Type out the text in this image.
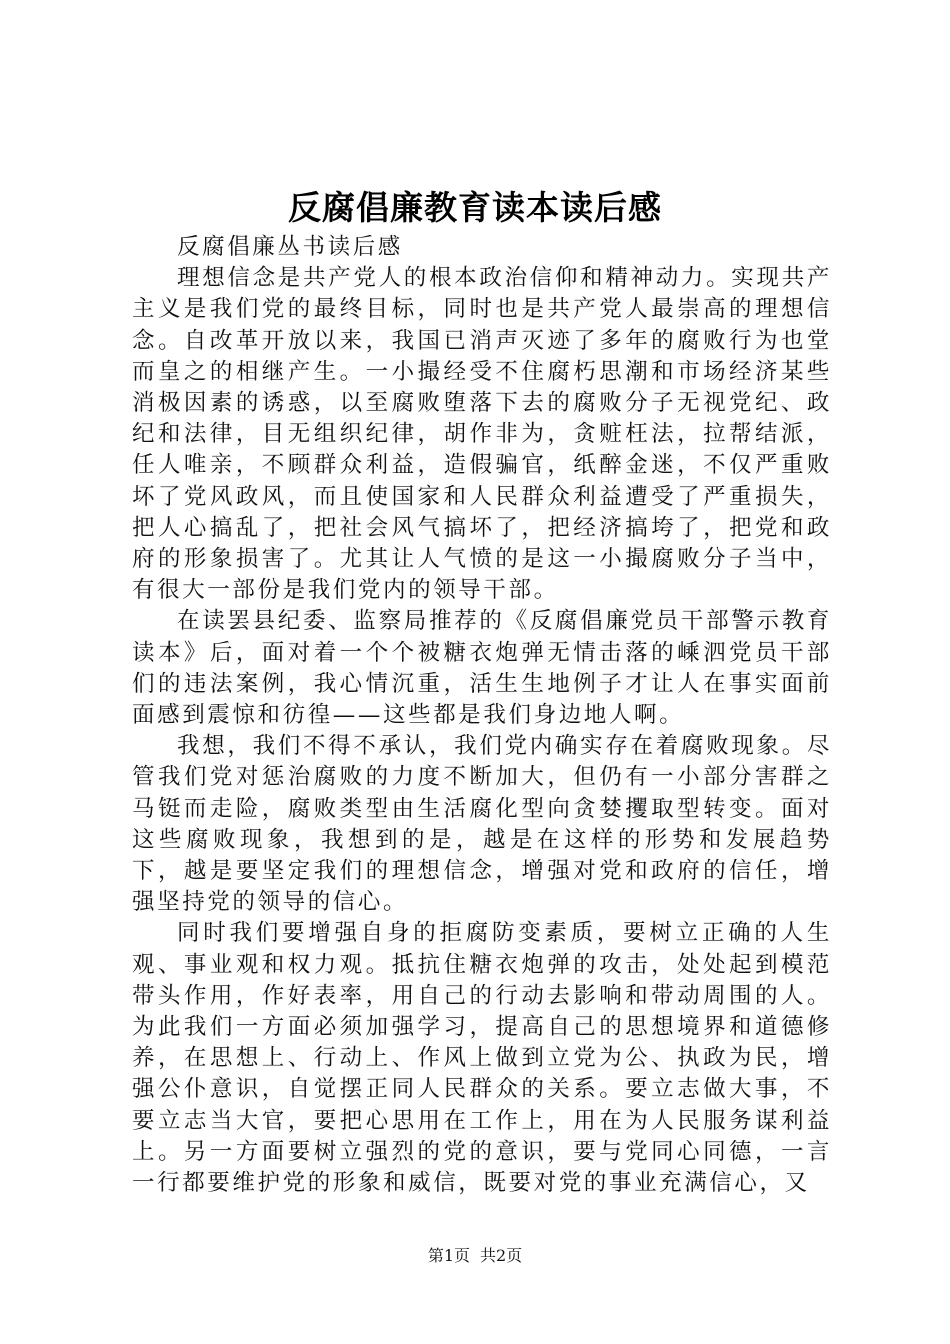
反腐倡廉教育读本读后感

反腐倡廉丛书读后感

理想信念是共产党人的根本政治信仰和精神动力。实现共产主义是我们党的最终目标，同时也是共产党人最崇高的理想信念。自改革开放以来，我国已消声灭迹了多年的腐败行为也堂而皇之的相继产生。一小撮经受不住腐朽思潮和市场经济某些消极因素的诱惑，以至腐败堕落下去的腐败分子无视党纪、政纪和法律，目无组织纪律，胡作非为，贪赃枉法，拉帮结派，任人唯亲，不顾群众利益，造假骗官，纸醉金迷，不仅严重败坏了党风政风，而且使国家和人民群众利益遭受了严重损失，把人心搞乱了，把社会风气搞坏了，把经济搞垮了，把党和政府的形象损害了。尤其让人气愤的是这一小撮腐败分子当中，有很大一部份是我们党内的领导干部。

在读罢县纪委、监察局推荐的《反腐倡廉党员干部警示教育读本》后，面对着一个个被糖衣炮弹无情击落的嵊泗党员干部们的违法案例，我心情沉重，活生生地例子才让人在事实面前面感到震惊和彷徨——这些都是我们身边地人啊。

我想，我们不得不承认，我们党内确实存在着腐败现象。尽管我们党对惩治腐败的力度不断加大，但仍有一小部分害群之马铤而走险，腐败类型由生活腐化型向贪婪攫取型转变。面对这些腐败现象，我想到的是，越是在这样的形势和发展趋势下，越是要坚定我们的理想信念，增强对党和政府的信任，增强坚持党的领导的信心。

同时我们要增强自身的拒腐防变素质，要树立正确的人生观、事业观和权力观。抵抗住糖衣炮弹的攻击，处处起到模范带头作用，作好表率，用自己的行动去影响和带动周围的人。为此我们一方面必须加强学习，提高自己的思想境界和道德修养，在思想上、行动上、作风上做到立党为公、执政为民，增强公仆意识，自觉摆正同人民群众的关系。要立志做大事，不要立志当大官，要把心思用在工作上，用在为人民服务谋利益上。另一方面要树立强烈的党的意识，要与党同心同德，一言一行都要维护党的形象和威信，既要对党的事业充满信心，又

第1页 共2页
